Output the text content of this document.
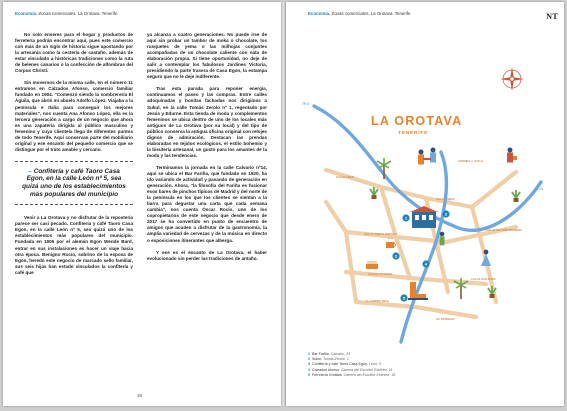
Economía. Zonas comerciales. La Orotava. Tenerife

No solo enseres para el hogar y productos de ferretería podrán encontrar aquí, pues este comercio con más de un siglo de historia sigue apostando por la artesanía como la cestería de castaño, además de estar vinculado a históricas tradiciones como la ruta de belenes canarios o la confección de alfombras del Corpus Christi.

Sin movernos de la misma calle, en el número 11 entramos en Calzados Afonso, comercio familiar fundado en 1904. "Comenzó siendo la sombrerería El Águila, que abrió mi abuelo Adolfo López. Viajaba a la península e Italia para conseguir los mejores materiales", nos cuenta Ana Afonso López, ella es la tercera generación a cargo de un negocio que ahora es una zapatería dirigida al público masculino y femenino y cuya clientela llega de diferentes puntos de todo Tenerife. Aquí conservan parte del mobiliario original y ese encanto del pequeño comercio que se distingue por el trato amable y cercano.

– Confitería y café Taoro Casa Egon, en la calle León nº 5, sea quizá uno de los establecimientos más populares del municipio

Venir a La Orotava y no disfrutar de la repostería parece ser casi pecado. Confitería y café Taoro Casa Egon, en la calle León nº 5, sea quizá uno de los establecimientos más populares del municipio. Fundada en 1906 por el alemán Egon Wende Bard, entrar en sus instalaciones es hacer un viaje hacia otra época. Benigno Rocío, sobrino de la esposa de Egon, heredó este negocio de marcado sello familiar, sus seis hijas han estado vinculados la confitería y café que

ya alcanza a cuatro generaciones. No puede irse de aquí sin probar un tambor de moka o chocolate, los rusquetes de yema o las milhojas conjuntes acompañadas de un chocolate caliente con nata de elaboración propia. Si tiene oportunidad, no deje de salir a contemplar los fabulosos Jardines Victoria, presidiendo la parte trasera de Casa Egon, la estampa seguro que no le deje indiferente.

Tras esta parada para reponer energía, continuamos el paseo y las compras. Entre calles adoquinadas y bonitas fachadas nos dirigimos a Sukul, en la calle Tomás Zerolo nº 1, regentado por Jesús y Edurne. Esta tienda de moda y complementos femeninos se ubica dentro de uno de los locales más antiguos de La Orotava (por su local) y del tipo de público conserva la antigua oficina original con relojes dignos de admiración. Destacan las prendas elaboradas en tejidos ecológicos, el estilo bohemio y la bisutería artesanal, un gusto para los amantes de la moda y las tendencias.

Terminamos la jornada en la calle Calvario nº14, aquí se ubica el Bar Fariña, que fundado en 1920, ha ido variando de actividad y pasando de generación en generación. Ahora, "la filosofía del Fariña es fusionar esos bares de pinchos típicos de Madrid y del norte de la península en los que los clientes se sientan a la barra para degustar una carta que cada semana cambia", nos cuenta Óscar Rocío, uno de los copropietarios de este negocio que desde enero de 2017 se ha convertido en punto de encuentro de amigos que acuden a disfrutar de la gastronomía, la amplia variedad de cervezas y de la música en directo o exposiciones itinerantes que alberga.

Y ese es el encanto de La Orotava, el haber evolucionado sin perder las tradiciones de antaño.

38
Economía. Zonas comerciales. La Orotava. Tenerife	NT
LA OROTAVA
TENERIFE
TF-5
TF-21
CALLE LEÓN
CALLE TOMÁS ZEROLO
CALLE CALVARIO
CALLE VIERA
AVENIDA J. AYALA
CALLE DOCTOR MORENO
CALLE SAN JUAN
C. CAMINO REAL
AV. ESTEBAN
1
2
3
4
5
1 Bar Fariña. Calvario, 14
2 Sukul. Tomás Zerolo, 1
3 Confitería y café Taoro Casa Egon. León, 5
4 Calzados Afonso. Carrera del Escultor Estévez, 11
5 Ferretería Orotava. Carrera del Escultor Estévez, 18
